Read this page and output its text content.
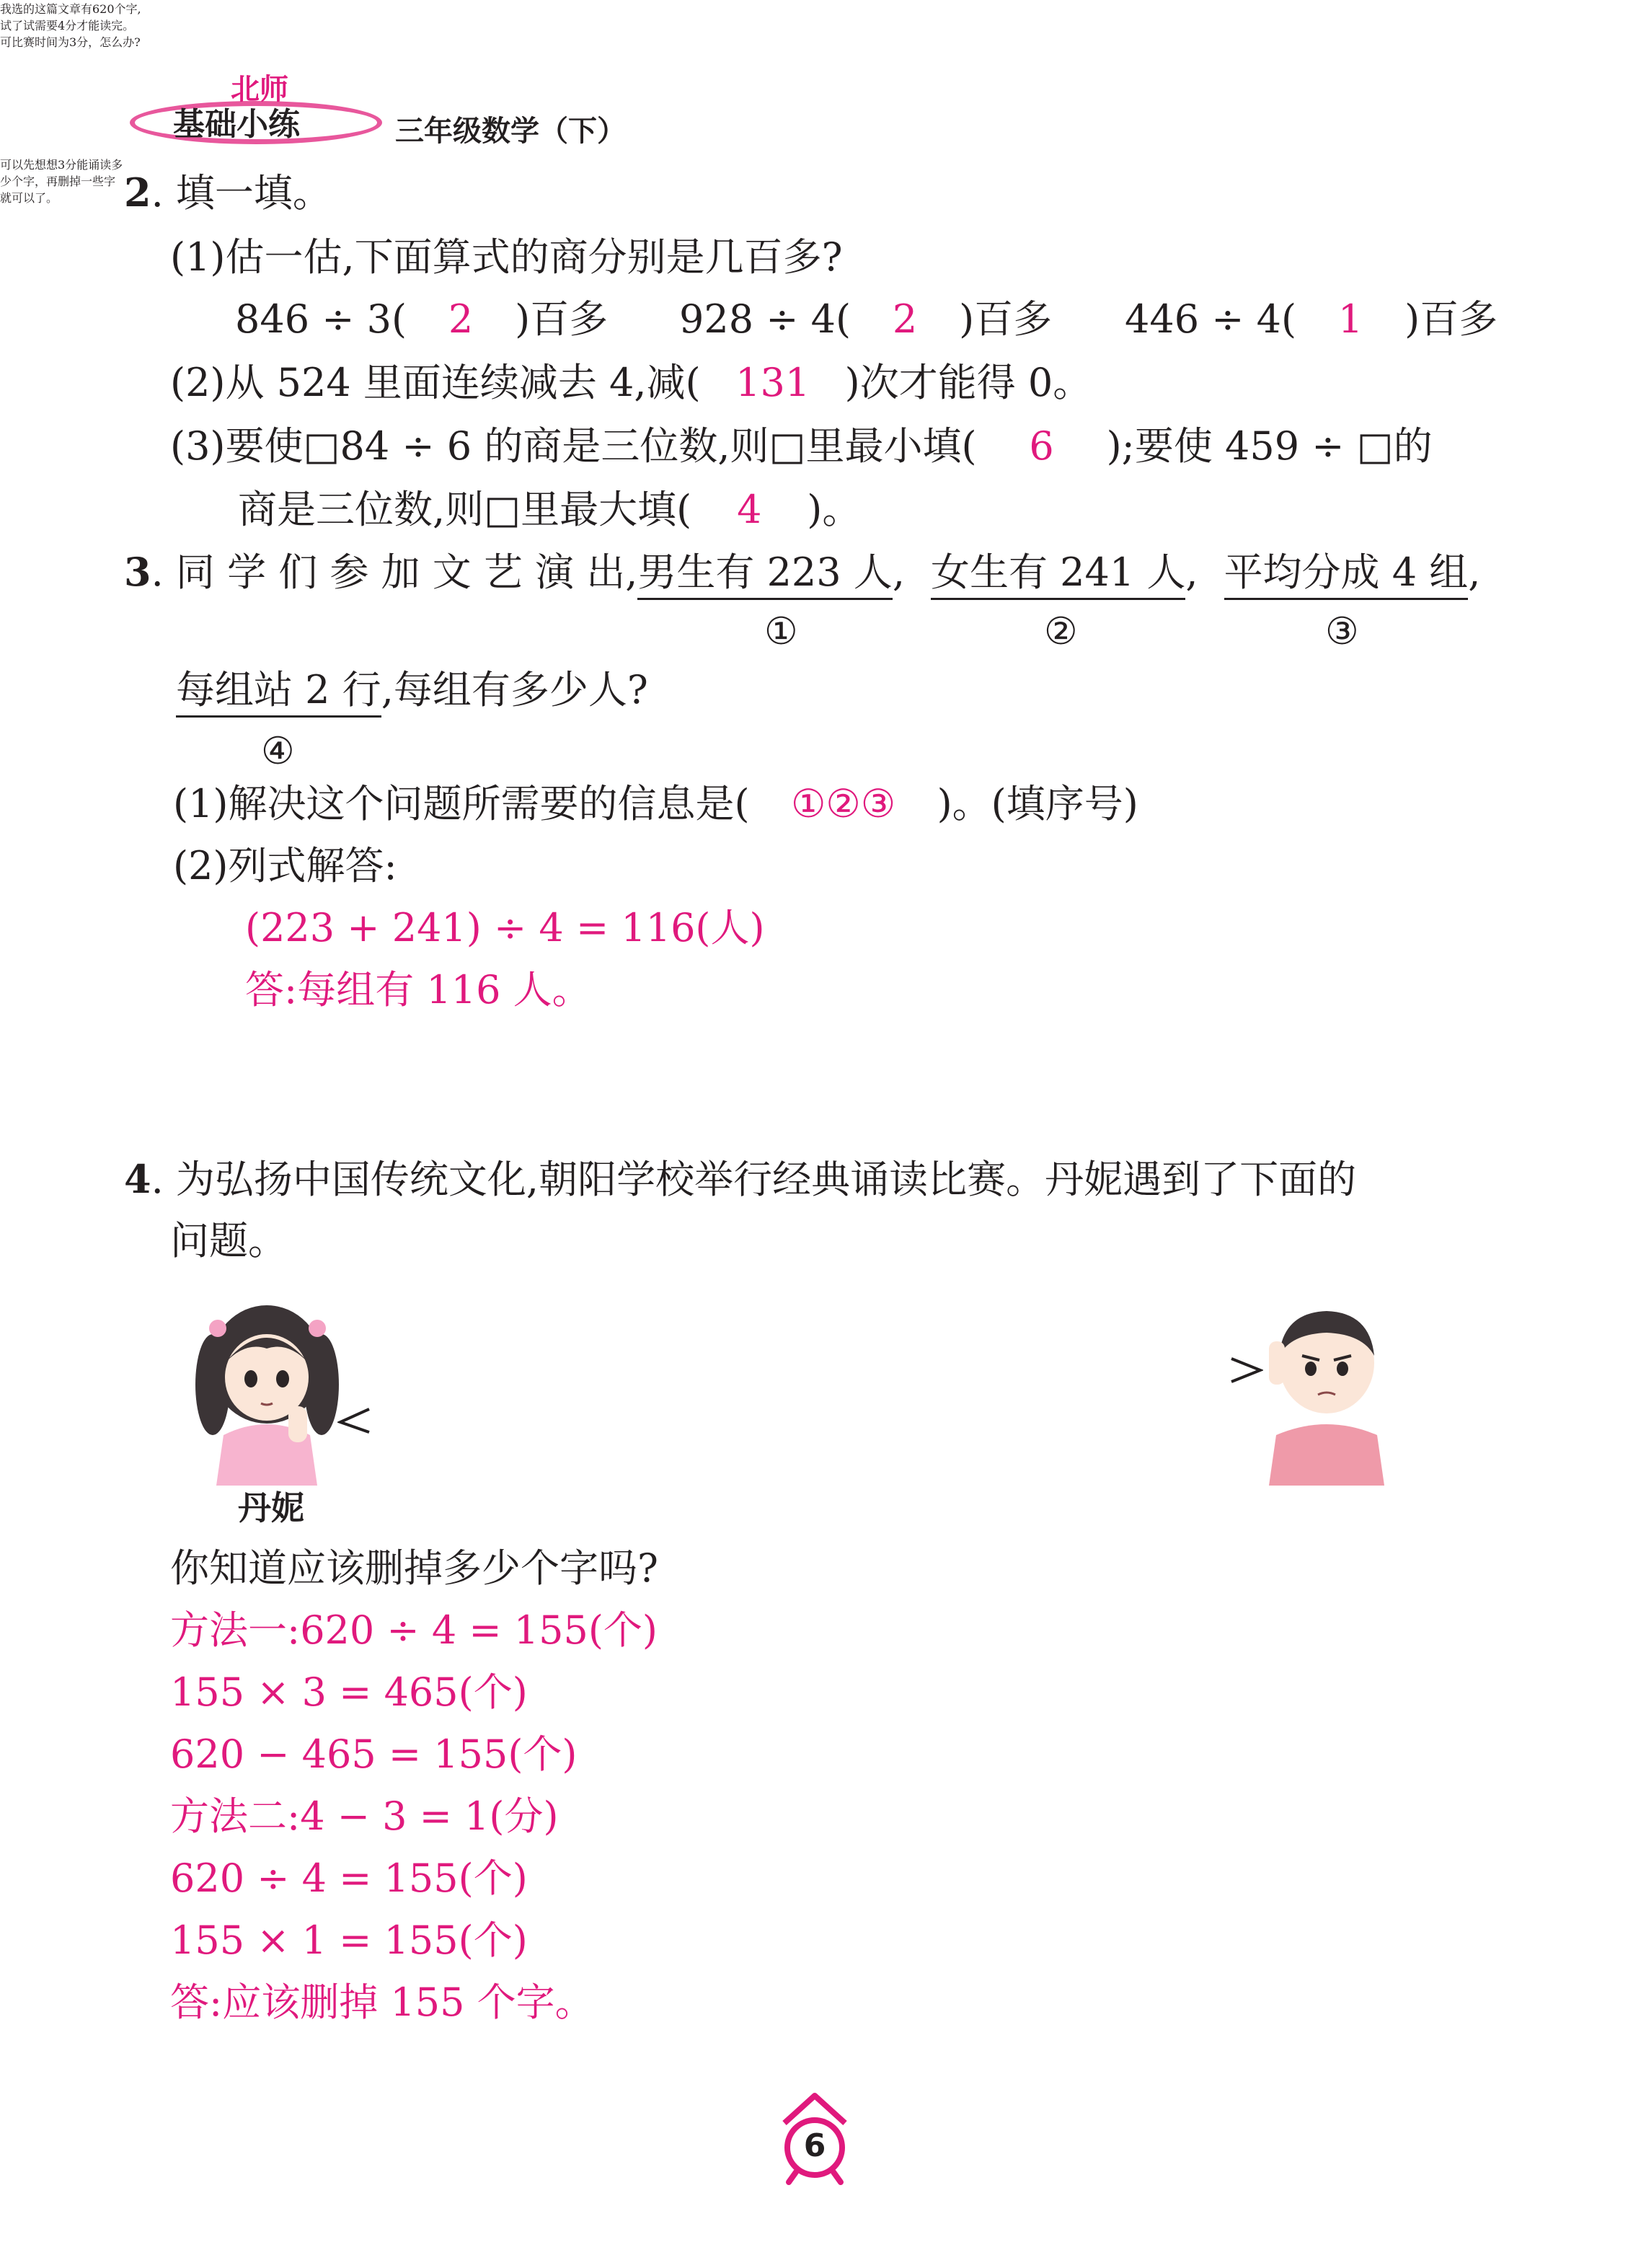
北师
基础小练	三年级数学（下）
2. 填一填。
(1)估一估,下面算式的商分别是几百多?
846 ÷ 3( 2 )百多 928 ÷ 4( 2 )百多 446 ÷ 4( 1 )百多
(2)从 524 里面连续减去 4,减( 131 )次才能得 0。
(3)要使□84 ÷ 6 的商是三位数,则□里最小填( 6 );要使 459 ÷ □的
商是三位数,则□里最大填( 4 )。
3. 同 学 们 参 加 文 艺 演 出,男生有 223 人, 女生有 241 人, 平均分成 4 组,
①	②	③
每组站 2 行,每组有多少人?
④
(1)解决这个问题所需要的信息是( ①②③ )。(填序号)
(2)列式解答:
(223 + 241) ÷ 4 = 116(人)
答:每组有 116 人。
4. 为弘扬中国传统文化,朝阳学校举行经典诵读比赛。丹妮遇到了下面的
问题。
我选的这篇文章有620个字,
试了试需要4分才能读完。
可比赛时间为3分，怎么办?
可以先想想3分能诵读多
少个字，再删掉一些字
就可以了。
丹妮
你知道应该删掉多少个字吗?
方法一:620 ÷ 4 = 155(个)
155 × 3 = 465(个)
620 − 465 = 155(个)
方法二:4 − 3 = 1(分)
620 ÷ 4 = 155(个)
155 × 1 = 155(个)
答:应该删掉 155 个字。
6
